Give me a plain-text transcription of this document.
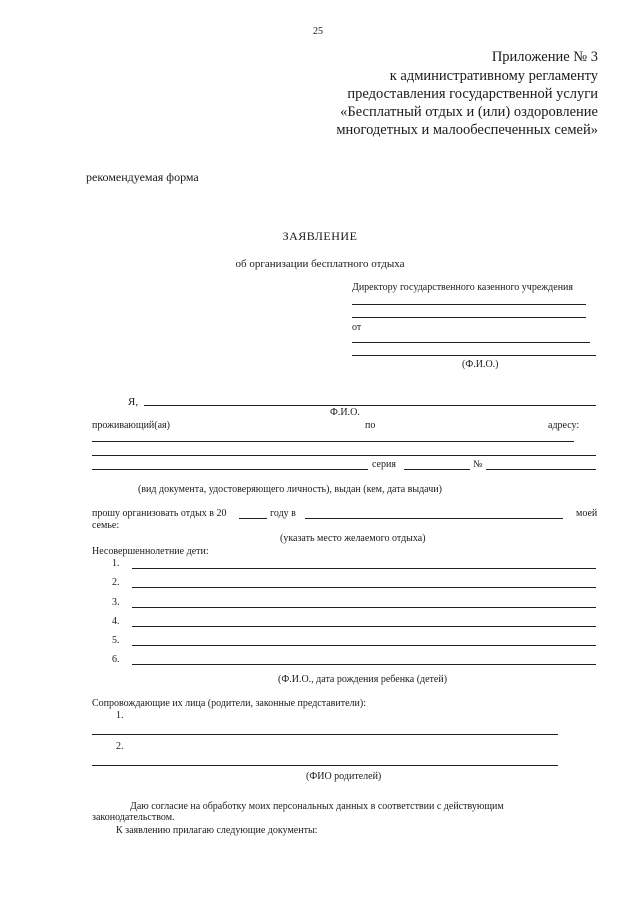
25
Приложение № 3
к административному регламенту
предоставления государственной услуги
«Бесплатный отдых и (или) оздоровление
многодетных и малообеспеченных семей»
рекомендуемая форма
ЗАЯВЛЕНИЕ
об организации бесплатного отдыха
Директору государственного казенного учреждения
от
(Ф.И.О.)
Я,
Ф.И.О.
проживающий(ая)	по	адресу:
серия	№
(вид документа, удостоверяющего личность), выдан (кем, дата выдачи)
прошу организовать отдых в 20	году в	моей
семье:
(указать место желаемого отдыха)
Несовершеннолетние дети:
1.
2.
3.
4.
5.
6.
(Ф.И.О., дата рождения ребенка (детей)
Сопровождающие их лица (родители, законные представители):
1.
2.
(ФИО родителей)
Даю согласие на обработку моих персональных данных в соответствии с действующим
законодательством.
К заявлению прилагаю следующие документы:
